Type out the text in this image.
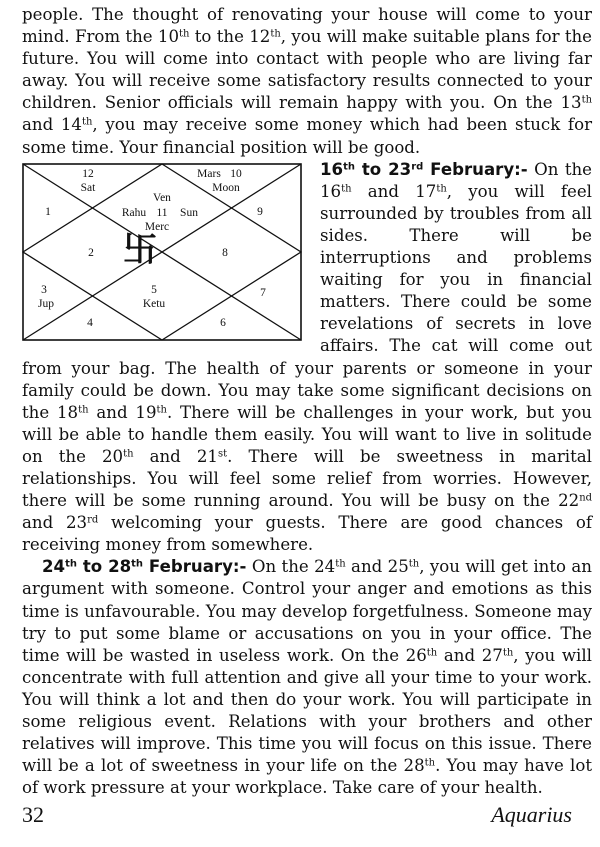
people. The thought of renovating your house will come to your mind. From the 10th to the 12th, you will make suitable plans for the future. You will come into contact with people who are living far away. You will receive some satisfactory results connected to your children. Senior officials will remain happy with you. On the 13th and 14th, you may receive some money which had been stuck for some time. Your financial position will be good.

12
Sat
Ven
Rahu 11 Sun
Merc
Mars 10
Moon
1
2
3
Jup
4
5
Ketu
6
7
8
9
卐

16th to 23rd February:- On the 16th and 17th, you will feel surrounded by troubles from all sides. There will be interruptions and problems waiting for you in financial matters. There could be some revelations of secrets in love affairs. The cat will come out from your bag. The health of your parents or someone in your family could be down. You may take some significant decisions on the 18th and 19th. There will be challenges in your work, but you will be able to handle them easily. You will want to live in solitude on the 20th and 21st. There will be sweetness in marital relationships. You will feel some relief from worries. However, there will be some running around. You will be busy on the 22nd and 23rd welcoming your guests. There are good chances of receiving money from somewhere.

24th to 28th February:- On the 24th and 25th, you will get into an argument with someone. Control your anger and emotions as this time is unfavourable. You may develop forgetfulness. Someone may try to put some blame or accusations on you in your office. The time will be wasted in useless work. On the 26th and 27th, you will concentrate with full attention and give all your time to your work. You will think a lot and then do your work. You will participate in some religious event. Relations with your brothers and other relatives will improve. This time you will focus on this issue. There will be a lot of sweetness in your life on the 28th. You may have lot of work pressure at your workplace. Take care of your health.

32	Aquarius
